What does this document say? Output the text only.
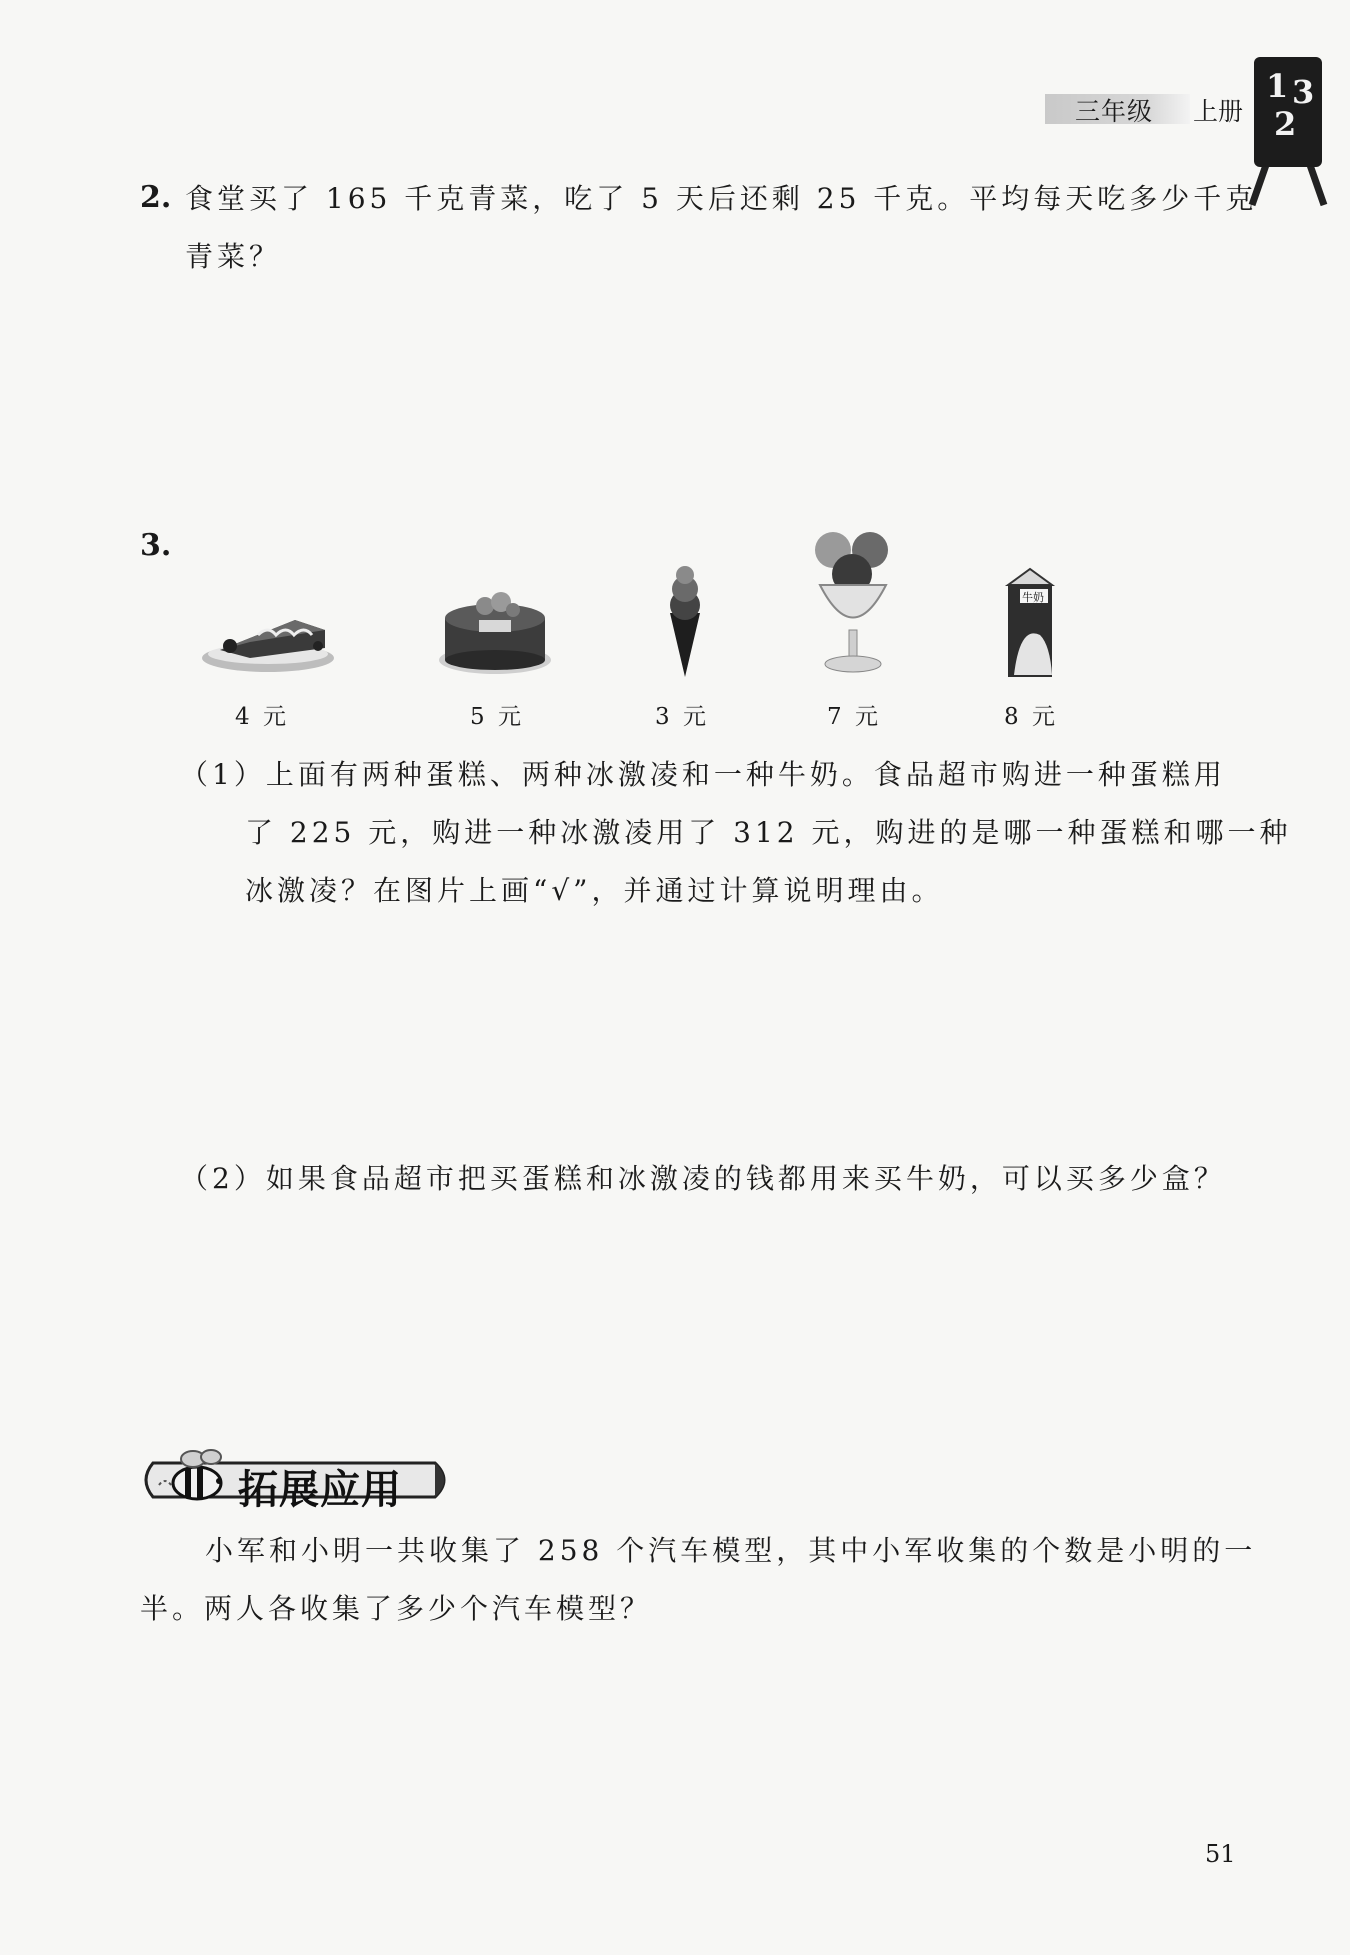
三年级 上册
1 3
2
2. 食堂买了 165 千克青菜，吃了 5 天后还剩 25 千克。平均每天吃多少千克
青菜？
3.
牛奶
4 元	5 元	3 元	7 元	8 元
（1）上面有两种蛋糕、两种冰激凌和一种牛奶。食品超市购进一种蛋糕用
了 225 元，购进一种冰激凌用了 312 元，购进的是哪一种蛋糕和哪一种
冰激凌？在图片上画“√”，并通过计算说明理由。
（2）如果食品超市把买蛋糕和冰激凌的钱都用来买牛奶，可以买多少盒？
拓展应用
小军和小明一共收集了 258 个汽车模型，其中小军收集的个数是小明的一
半。两人各收集了多少个汽车模型？
51
